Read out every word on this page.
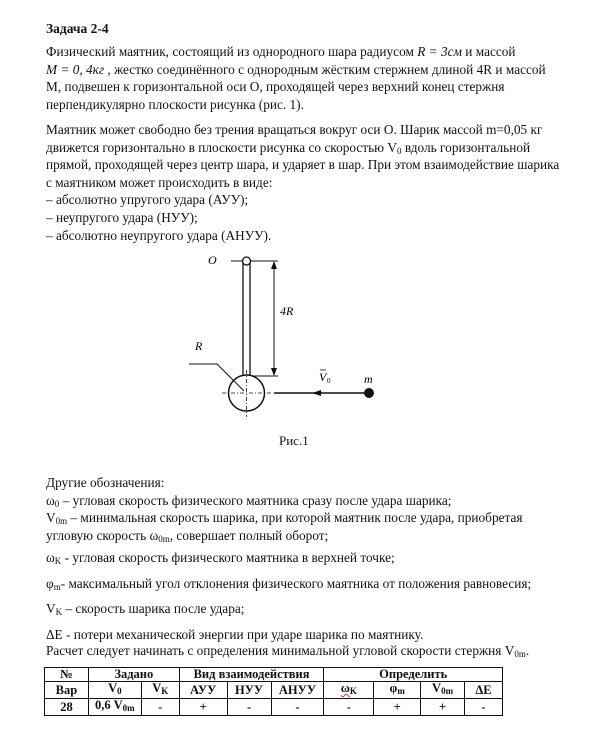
Задача 2-4
Физический маятник, состоящий из однородного шара радиусом R = 3см и массой
M = 0, 4кг , жестко соединённого с однородным жёстким стержнем длиной 4R и массой
М, подвешен к горизонтальной оси О, проходящей через верхний конец стержня
перпендикулярно плоскости рисунка (рис. 1).
Маятник может свободно без трения вращаться вокруг оси О. Шарик массой m=0,05 кг
движется горизонтально в плоскости рисунка со скоростью $V_0$ вдоль горизонтальной
прямой, проходящей через центр шара, и ударяет в шар. При этом взаимодействие шарика
с маятником может происходить в виде:
– абсолютно упругого удара (АУУ);
– неупругого удара (НУУ);
– абсолютно неупругого удара (АНУУ).
O
4R
R
V 0	m
Рис.1
Другие обозначения:
$\omega_0$ – угловая скорость физического маятника сразу после удара шарика;
$V_{0m}$ – минимальная скорость шарика, при которой маятник после удара, приобретая
угловую скорость $\omega_{0m}$, совершает полный оборот;
$\omega_K$ - угловая скорость физического маятника в верхней точке;
$\varphi_m-$ максимальный угол отклонения физического маятника от положения равновесия;
$V_K$ – скорость шарика после удара;
ΔЕ - потери механической энергии при ударе шарика по маятнику.
Расчет следует начинать с определения минимальной угловой скорости стержня $V_{0m}$.
№	Задано		Вид взаимодействия			Определить			
Вар	$V_0$	$V_K$	АУУ	НУУ	АНУУ	$\omega_K$	$\varphi_m$	$V_{0m}$	ΔE
28	0,6 $V_{0m}$	-	+	-	-	-	+	+	-
